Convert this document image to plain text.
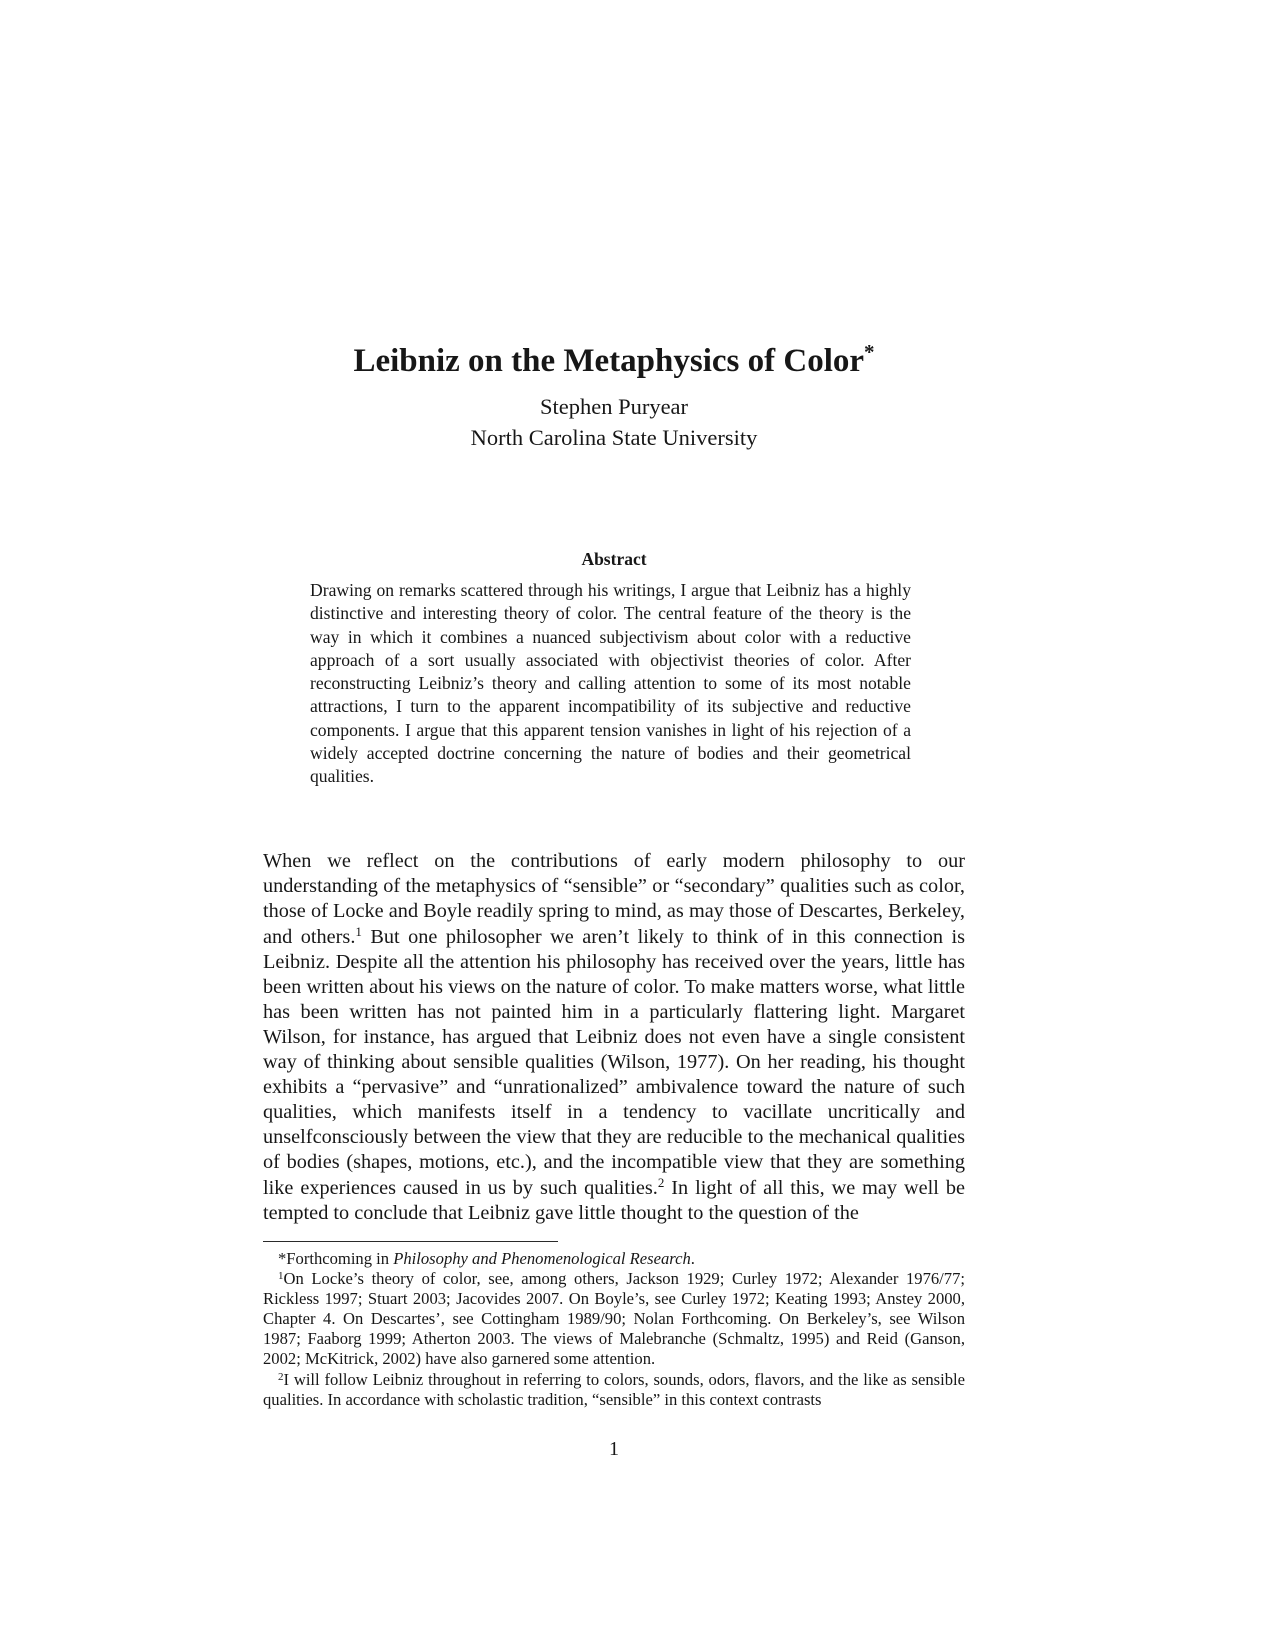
Leibniz on the Metaphysics of Color*
Stephen Puryear
North Carolina State University
Abstract
Drawing on remarks scattered through his writings, I argue that Leibniz has a highly distinctive and interesting theory of color. The central feature of the theory is the way in which it combines a nuanced subjectivism about color with a reductive approach of a sort usually associated with objectivist theories of color. After reconstructing Leibniz’s theory and calling attention to some of its most notable attractions, I turn to the apparent incompatibility of its subjective and reductive components. I argue that this apparent tension vanishes in light of his rejection of a widely accepted doctrine concerning the nature of bodies and their geometrical qualities.

When we reflect on the contributions of early modern philosophy to our understanding of the metaphysics of “sensible” or “secondary” qualities such as color, those of Locke and Boyle readily spring to mind, as may those of Descartes, Berkeley, and others.$^1$ But one philosopher we aren’t likely to think of in this connection is Leibniz. Despite all the attention his philosophy has received over the years, little has been written about his views on the nature of color. To make matters worse, what little has been written has not painted him in a particularly flattering light. Margaret Wilson, for instance, has argued that Leibniz does not even have a single consistent way of thinking about sensible qualities (Wilson, 1977). On her reading, his thought exhibits a “pervasive” and “unrationalized” ambivalence toward the nature of such qualities, which manifests itself in a tendency to vacillate uncritically and unselfconsciously between the view that they are reducible to the mechanical qualities of bodies (shapes, motions, etc.), and the incompatible view that they are something like experiences caused in us by such qualities.$^2$ In light of all this, we may well be tempted to conclude that Leibniz gave little thought to the question of the

*Forthcoming in Philosophy and Phenomenological Research.

$^1$On Locke’s theory of color, see, among others, Jackson 1929; Curley 1972; Alexander 1976/77; Rickless 1997; Stuart 2003; Jacovides 2007. On Boyle’s, see Curley 1972; Keating 1993; Anstey 2000, Chapter 4. On Descartes’, see Cottingham 1989/90; Nolan Forthcoming. On Berkeley’s, see Wilson 1987; Faaborg 1999; Atherton 2003. The views of Malebranche (Schmaltz, 1995) and Reid (Ganson, 2002; McKitrick, 2002) have also garnered some attention.

$^2$I will follow Leibniz throughout in referring to colors, sounds, odors, flavors, and the like as sensible qualities. In accordance with scholastic tradition, “sensible” in this context contrasts

1
